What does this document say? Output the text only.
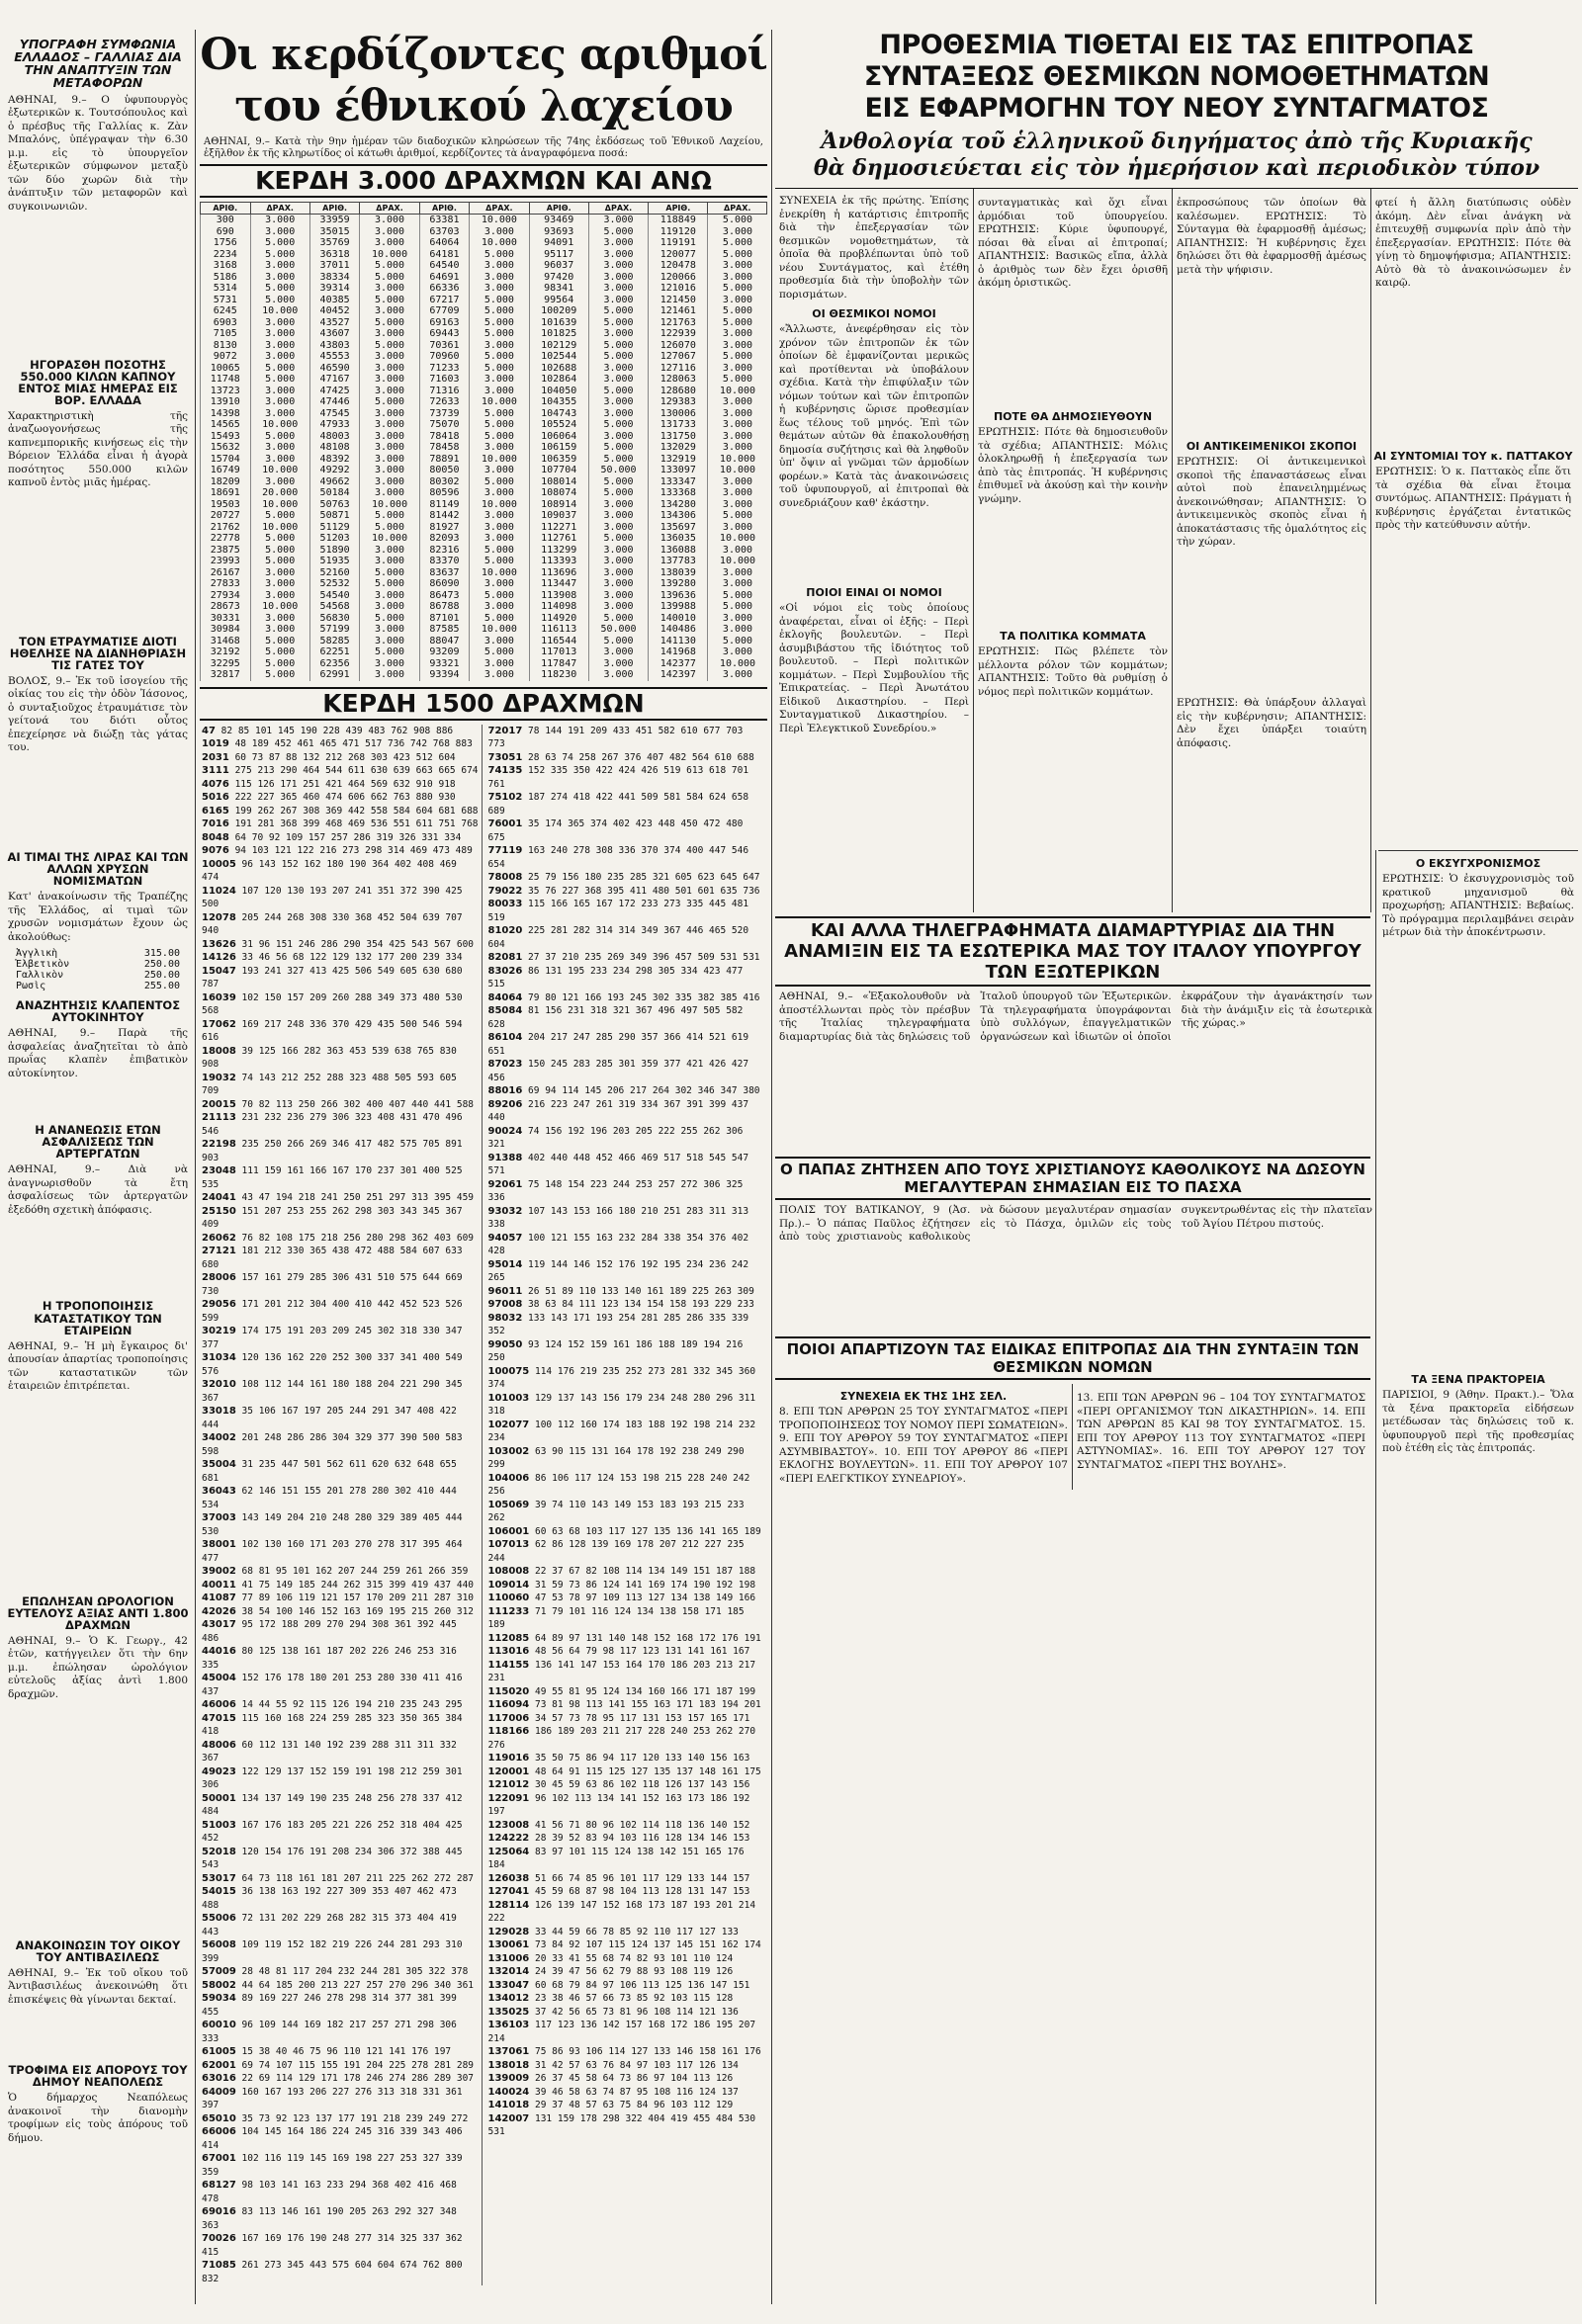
ΥΠΟΓΡΑΦΗ ΣΥΜΦΩΝΙΑ ΕΛΛΑΔΟΣ – ΓΑΛΛΙΑΣ ΔΙΑ ΤΗΝ ΑΝΑΠΤΥΞΙΝ ΤΩΝ ΜΕΤΑΦΟΡΩΝ

ΑΘΗΝΑΙ, 9.– Ο ὑφυπουργὸς ἐξωτερικῶν κ. Τουτσόπουλος καὶ ὁ πρέσβυς τῆς Γαλλίας κ. Ζὰν Μπαλόνς, ὑπέγραψαν τὴν 6.30 μ.μ. εἰς τὸ ὑπουργεῖον ἐξωτερικῶν σύμφωνον μεταξὺ τῶν δύο χωρῶν διὰ τὴν ἀνάπτυξιν τῶν μεταφορῶν καὶ συγκοινωνιῶν.

ΗΓΟΡΑΣΘΗ ΠΟΣΟΤΗΣ 550.000 ΚΙΛΩΝ ΚΑΠΝΟΥ ΕΝΤΟΣ ΜΙΑΣ ΗΜΕΡΑΣ ΕΙΣ ΒΟΡ. ΕΛΛΑΔΑ

Χαρακτηριστικὴ τῆς ἀναζωογονήσεως τῆς καπνεμπορικῆς κινήσεως εἰς τὴν Βόρειον Ἑλλάδα εἶναι ἡ ἀγορὰ ποσότητος 550.000 κιλῶν καπνοῦ ἐντὸς μιᾶς ἡμέρας.

ΤΟΝ ΕΤΡΑΥΜΑΤΙΣΕ ΔΙΟΤΙ ΗΘΕΛΗΣΕ ΝΑ ΔΙΑΝΗΘΡΙΑΣΗ ΤΙΣ ΓΑΤΕΣ ΤΟΥ

ΒΟΛΟΣ, 9.– Ἐκ τοῦ ἰσογείου τῆς οἰκίας του εἰς τὴν ὁδὸν Ἰάσονος, ὁ συνταξιοῦχος ἐτραυμάτισε τὸν γείτονά του διότι οὗτος ἐπεχείρησε νὰ διώξῃ τὰς γάτας του.

ΑΙ ΤΙΜΑΙ ΤΗΣ ΛΙΡΑΣ ΚΑΙ ΤΩΝ ΑΛΛΩΝ ΧΡΥΣΩΝ ΝΟΜΙΣΜΑΤΩΝ

Κατ' ἀνακοίνωσιν τῆς Τραπέζης τῆς Ἑλλάδος, αἱ τιμαὶ τῶν χρυσῶν νομισμάτων ἔχουν ὡς ἀκολούθως:

Ἀγγλικὴ	315.00
Ἑλβετικὸν	250.00
Γαλλικὸν	250.00
Ρωσὶς	255.00
ΑΝΑΖΗΤΗΣΙΣ ΚΛΑΠΕΝΤΟΣ ΑΥΤΟΚΙΝΗΤΟΥ

ΑΘΗΝΑΙ, 9.– Παρὰ τῆς ἀσφαλείας ἀναζητεῖται τὸ ἀπὸ πρωΐας κλαπὲν ἐπιβατικὸν αὐτοκίνητον.

Η ΑΝΑΝΕΩΣΙΣ ΕΤΩΝ ΑΣΦΑΛΙΣΕΩΣ ΤΩΝ ΑΡΤΕΡΓΑΤΩΝ

ΑΘΗΝΑΙ, 9.– Διὰ νὰ ἀναγνωρισθοῦν τὰ ἔτη ἀσφαλίσεως τῶν ἀρτεργατῶν ἐξεδόθη σχετικὴ ἀπόφασις.

Η ΤΡΟΠΟΠΟΙΗΣΙΣ ΚΑΤΑΣΤΑΤΙΚΟΥ ΤΩΝ ΕΤΑΙΡΕΙΩΝ

ΑΘΗΝΑΙ, 9.– Ἡ μὴ ἔγκαιρος δι' ἀπουσίαν ἀπαρτίας τροποποίησις τῶν καταστατικῶν τῶν ἑταιρειῶν ἐπιτρέπεται.

ΕΠΩΛΗΣΑΝ ΩΡΟΛΟΓΙΟΝ ΕΥΤΕΛΟΥΣ ΑΞΙΑΣ ΑΝΤΙ 1.800 ΔΡΑΧΜΩΝ

ΑΘΗΝΑΙ, 9.– Ὁ Κ. Γεωργ., 42 ἐτῶν, κατήγγειλεν ὅτι τὴν 6ην μ.μ. ἐπώλησαν ὡρολόγιον εὐτελοῦς ἀξίας ἀντὶ 1.800 δραχμῶν.

ΑΝΑΚΟΙΝΩΣΙΝ ΤΟΥ ΟΙΚΟΥ ΤΟΥ ΑΝΤΙΒΑΣΙΛΕΩΣ

ΑΘΗΝΑΙ, 9.– Ἐκ τοῦ οἴκου τοῦ Ἀντιβασιλέως ἀνεκοινώθη ὅτι ἐπισκέψεις θὰ γίνωνται δεκταί.

ΤΡΟΦΙΜΑ ΕΙΣ ΑΠΟΡΟΥΣ ΤΟΥ ΔΗΜΟΥ ΝΕΑΠΟΛΕΩΣ

Ὁ δήμαρχος Νεαπόλεως ἀνακοινοῖ τὴν διανομὴν τροφίμων εἰς τοὺς ἀπόρους τοῦ δήμου.

Οι κερδίζοντες αριθμοί του έθνικού λαχείου

ΑΘΗΝΑΙ, 9.– Κατὰ τὴν 9ην ἡμέραν τῶν διαδοχικῶν κληρώσεων τῆς 74ης ἐκδόσεως τοῦ Ἐθνικοῦ Λαχείου, ἐξῆλθον ἐκ τῆς κληρωτίδος οἱ κάτωθι ἀριθμοί, κερδίζοντες τὰ ἀναγραφόμενα ποσά:

ΚΕΡΔΗ 3.000 ΔΡΑΧΜΩΝ ΚΑΙ ΑΝΩ
ΑΡΙΘ.	ΔΡΑΧ.	ΑΡΙΘ.	ΔΡΑΧ.	ΑΡΙΘ.	ΔΡΑΧ.	ΑΡΙΘ.	ΔΡΑΧ.	ΑΡΙΘ.	ΔΡΑΧ.
300	3.000	33959	3.000	63381	10.000	93469	3.000	118849	5.000
690	3.000	35015	3.000	63703	3.000	93693	5.000	119120	3.000
1756	5.000	35769	3.000	64064	10.000	94091	3.000	119191	5.000
2234	5.000	36318	10.000	64181	5.000	95117	3.000	120077	5.000
3168	3.000	37011	5.000	64540	3.000	96037	3.000	120478	3.000
5186	3.000	38334	5.000	64691	3.000	97420	3.000	120066	3.000
5314	5.000	39314	3.000	66336	3.000	98341	3.000	121016	5.000
5731	5.000	40385	5.000	67217	5.000	99564	3.000	121450	3.000
6245	10.000	40452	3.000	67709	5.000	100209	5.000	121461	5.000
6903	3.000	43527	5.000	69163	5.000	101639	5.000	121763	5.000
7105	3.000	43607	3.000	69443	5.000	101825	3.000	122939	3.000
8130	3.000	43803	5.000	70361	3.000	102129	5.000	126070	3.000
9072	3.000	45553	3.000	70960	5.000	102544	5.000	127067	5.000
10065	5.000	46590	3.000	71233	5.000	102688	3.000	127116	3.000
11748	5.000	47167	3.000	71603	3.000	102864	3.000	128063	5.000
13723	3.000	47425	3.000	71316	3.000	104050	5.000	128680	10.000
13910	3.000	47446	5.000	72633	10.000	104355	3.000	129383	3.000
14398	3.000	47545	3.000	73739	5.000	104743	3.000	130006	3.000
14565	10.000	47933	3.000	75070	5.000	105524	5.000	131733	3.000
15493	5.000	48003	3.000	78418	5.000	106064	3.000	131750	3.000
15632	3.000	48108	3.000	78458	3.000	106159	5.000	132029	3.000
15704	3.000	48392	3.000	78891	10.000	106359	5.000	132919	10.000
16749	10.000	49292	3.000	80050	3.000	107704	50.000	133097	10.000
18209	3.000	49662	3.000	80302	5.000	108014	5.000	133347	3.000
18691	20.000	50184	3.000	80596	3.000	108074	5.000	133368	3.000
19503	10.000	50763	10.000	81149	10.000	108914	3.000	134280	3.000
20727	5.000	50871	5.000	81442	3.000	109037	3.000	134306	5.000
21762	10.000	51129	5.000	81927	3.000	112271	3.000	135697	3.000
22778	5.000	51203	10.000	82093	3.000	112761	5.000	136035	10.000
23875	5.000	51890	3.000	82316	5.000	113299	3.000	136088	3.000
23993	5.000	51935	3.000	83370	5.000	113393	3.000	137783	10.000
26167	3.000	52160	5.000	83637	10.000	113696	3.000	138039	3.000
27833	3.000	52532	5.000	86090	3.000	113447	3.000	139280	3.000
27934	3.000	54540	3.000	86473	5.000	113908	3.000	139636	5.000
28673	10.000	54568	3.000	86788	3.000	114098	3.000	139988	5.000
30331	3.000	56830	5.000	87101	5.000	114920	5.000	140010	3.000
30984	3.000	57199	3.000	87585	10.000	116113	50.000	140486	3.000
31468	5.000	58285	3.000	88047	3.000	116544	5.000	141130	5.000
32192	5.000	62251	5.000	93209	5.000	117013	3.000	141968	3.000
32295	5.000	62356	3.000	93321	3.000	117847	3.000	142377	10.000
32817	5.000	62991	3.000	93394	3.000	118230	3.000	142397	3.000
ΚΕΡΔΗ 1500 ΔΡΑΧΜΩΝ
47 82 85 101 145 190 228 439 483 762 908 886
1019 48 189 452 461 465 471 517 736 742 768 883
2031 60 73 87 88 132 212 268 303 423 512 604
3111 275 213 290 464 544 611 630 639 663 665 674
4076 115 126 171 251 421 464 569 632 910 918
5016 222 227 365 460 474 606 662 763 880 930
6165 199 262 267 308 369 442 558 584 604 681 688
7016 191 281 368 399 468 469 536 551 611 751 768
8048 64 70 92 109 157 257 286 319 326 331 334
9076 94 103 121 122 216 273 298 314 469 473 489
10005 96 143 152 162 180 190 364 402 408 469 474
11024 107 120 130 193 207 241 351 372 390 425 500
12078 205 244 268 308 330 368 452 504 639 707 940
13626 31 96 151 246 286 290 354 425 543 567 600
14126 33 46 56 68 122 129 132 177 200 239 334
15047 193 241 327 413 425 506 549 605 630 680 787
16039 102 150 157 209 260 288 349 373 480 530 568
17062 169 217 248 336 370 429 435 500 546 594 616
18008 39 125 166 282 363 453 539 638 765 830 908
19032 74 143 212 252 288 323 488 505 593 605 709
20015 70 82 113 250 266 302 400 407 440 441 588
21113 231 232 236 279 306 323 408 431 470 496 546
22198 235 250 266 269 346 417 482 575 705 891 903
23048 111 159 161 166 167 170 237 301 400 525 535
24041 43 47 194 218 241 250 251 297 313 395 459
25150 151 207 253 255 262 298 303 343 345 367 409
26062 76 82 108 175 218 256 280 298 362 403 609
27121 181 212 330 365 438 472 488 584 607 633 680
28006 157 161 279 285 306 431 510 575 644 669 730
29056 171 201 212 304 400 410 442 452 523 526 599
30219 174 175 191 203 209 245 302 318 330 347 377
31034 120 136 162 220 252 300 337 341 400 549 576
32010 108 112 144 161 180 188 204 221 290 345 367
33018 35 106 167 197 205 244 291 347 408 422 444
34002 201 248 286 286 304 329 377 390 500 583 598
35004 31 235 447 501 562 611 620 632 648 655 681
36043 62 146 151 155 201 278 280 302 410 444 534
37003 143 149 204 210 248 280 329 389 405 444 530
38001 102 130 160 171 203 270 278 317 395 464 477
39002 68 81 95 101 162 207 244 259 261 266 359
40011 41 75 149 185 244 262 315 399 419 437 440
41087 77 89 106 119 121 157 170 209 211 287 310
42026 38 54 100 146 152 163 169 195 215 260 312
43017 95 172 188 209 270 294 308 361 392 445 486
44016 80 125 138 161 187 202 226 246 253 316 335
45004 152 176 178 180 201 253 280 330 411 416 437
46006 14 44 55 92 115 126 194 210 235 243 295
47015 115 160 168 224 259 285 323 350 365 384 418
48006 60 112 131 140 192 239 288 311 311 332 367
49023 122 129 137 152 159 191 198 212 259 301 306
50001 134 137 149 190 235 248 256 278 337 412 484
51003 167 176 183 205 221 226 252 318 404 425 452
52018 120 154 176 191 208 234 306 372 388 445 543
53017 64 73 118 161 181 207 211 225 262 272 287
54015 36 138 163 192 227 309 353 407 462 473 488
55006 72 131 202 229 268 282 315 373 404 419 443
56008 109 119 152 182 219 226 244 281 293 310 399
57009 28 48 81 117 204 232 244 281 305 322 378
58002 44 64 185 200 213 227 257 270 296 340 361
59034 89 169 227 246 278 298 314 377 381 399 455
60010 96 109 144 169 182 217 257 271 298 306 333
61005 15 38 40 46 75 96 110 121 141 176 197
62001 69 74 107 115 155 191 204 225 278 281 289
63016 22 69 114 129 171 178 246 274 286 289 307
64009 160 167 193 206 227 276 313 318 331 361 397
65010 35 73 92 123 137 177 191 218 239 249 272
66006 104 145 164 186 224 245 316 339 343 406 414
67001 102 116 119 145 169 198 227 253 327 339 359
68127 98 103 141 163 233 294 368 402 416 468 478
69016 83 113 146 161 190 205 263 292 327 348 363
70026 167 169 176 190 248 277 314 325 337 362 415
71085 261 273 345 443 575 604 604 674 762 800 832
72017 78 144 191 209 433 451 582 610 677 703 773
73051 28 63 74 258 267 376 407 482 564 610 688
74135 152 335 350 422 424 426 519 613 618 701 761
75102 187 274 418 422 441 509 581 584 624 658 689
76001 35 174 365 374 402 423 448 450 472 480 675
77119 163 240 278 308 336 370 374 400 447 546 654
78008 25 79 156 180 235 285 321 605 623 645 647
79022 35 76 227 368 395 411 480 501 601 635 736
80033 115 166 165 167 172 233 273 335 445 481 519
81020 225 281 282 314 314 349 367 446 465 520 604
82081 27 37 210 235 269 349 396 457 509 531 531
83026 86 131 195 233 234 298 305 334 423 477 515
84064 79 80 121 166 193 245 302 335 382 385 416
85084 81 156 231 318 321 367 496 497 505 582 628
86104 204 217 247 285 290 357 366 414 521 619 651
87023 150 245 283 285 301 359 377 421 426 427 456
88016 69 94 114 145 206 217 264 302 346 347 380
89206 216 223 247 261 319 334 367 391 399 437 440
90024 74 156 192 196 203 205 222 255 262 306 321
91388 402 440 448 452 466 469 517 518 545 547 571
92061 75 148 154 223 244 253 257 272 306 325 336
93032 107 143 153 166 180 210 251 283 311 313 338
94057 100 121 155 163 232 284 338 354 376 402 428
95014 119 144 146 152 176 192 195 234 236 242 265
96011 26 51 89 110 133 140 161 189 225 263 309
97008 38 63 84 111 123 134 154 158 193 229 233
98032 133 143 171 193 254 281 285 286 335 339 352
99050 93 124 152 159 161 186 188 189 194 216 250
100075 114 176 219 235 252 273 281 332 345 360 374
101003 129 137 143 156 179 234 248 280 296 311 318
102077 100 112 160 174 183 188 192 198 214 232 234
103002 63 90 115 131 164 178 192 238 249 290 299
104006 86 106 117 124 153 198 215 228 240 242 256
105069 39 74 110 143 149 153 183 193 215 233 262
106001 60 63 68 103 117 127 135 136 141 165 189
107013 62 86 128 139 169 178 207 212 227 235 244
108008 22 37 67 82 108 114 134 149 151 187 188
109014 31 59 73 86 124 141 169 174 190 192 198
110060 47 53 78 97 109 113 127 134 138 149 166
111233 71 79 101 116 124 134 138 158 171 185 189
112085 64 89 97 131 140 148 152 168 172 176 191
113016 48 56 64 79 98 117 123 131 141 161 167
114155 136 141 147 153 164 170 186 203 213 217 231
115020 49 55 81 95 124 134 160 166 171 187 199
116094 73 81 98 113 141 155 163 171 183 194 201
117006 34 57 73 78 95 117 131 153 157 165 171
118166 186 189 203 211 217 228 240 253 262 270 276
119016 35 50 75 86 94 117 120 133 140 156 163
120001 48 64 91 115 125 127 135 137 148 161 175
121012 30 45 59 63 86 102 118 126 137 143 156
122091 96 102 113 134 141 152 163 173 186 192 197
123008 41 56 71 80 96 102 114 118 136 140 152
124222 28 39 52 83 94 103 116 128 134 146 153
125064 83 97 101 115 124 138 142 151 165 176 184
126038 51 66 74 85 96 101 117 129 133 144 157
127041 45 59 68 87 98 104 113 128 131 147 153
128114 126 139 147 152 168 173 187 193 201 214 222
129028 33 44 59 66 78 85 92 110 117 127 133
130061 73 84 92 107 115 124 137 145 151 162 174
131006 20 33 41 55 68 74 82 93 101 110 124
132014 24 39 47 56 62 79 88 93 108 119 126
133047 60 68 79 84 97 106 113 125 136 147 151
134012 23 38 46 57 66 73 85 92 103 115 128
135025 37 42 56 65 73 81 96 108 114 121 136
136103 117 123 136 142 157 168 172 186 195 207 214
137061 75 86 93 106 114 127 133 146 158 161 176
138018 31 42 57 63 76 84 97 103 117 126 134
139009 26 37 45 58 64 73 86 97 104 113 126
140024 39 46 58 63 74 87 95 108 116 124 137
141018 29 37 48 57 63 75 84 96 103 112 129
142007 131 159 178 298 322 404 419 455 484 530 531
ΠΡΟΘΕΣΜΙΑ ΤΙΘΕΤΑΙ ΕΙΣ ΤΑΣ ΕΠΙΤΡΟΠΑΣ
ΣΥΝΤΑΞΕΩΣ ΘΕΣΜΙΚΩΝ ΝΟΜΟΘΕΤΗΜΑΤΩΝ
ΕΙΣ ΕΦΑΡΜΟΓΗΝ ΤΟΥ ΝΕΟΥ ΣΥΝΤΑΓΜΑΤΟΣ
Ἀνθολογία τοῦ ἑλληνικοῦ διηγήματος ἀπὸ τῆς Κυριακῆς
θὰ δημοσιεύεται εἰς τὸν ἡμερήσιον καὶ περιοδικὸν τύπον

ΣΥΝΕΧΕΙΑ ἐκ τῆς πρώτης. Ἐπίσης ἐνεκρίθη ἡ κατάρτισις ἐπιτροπῆς διὰ τὴν ἐπεξεργασίαν τῶν θεσμικῶν νομοθετημάτων, τὰ ὁποῖα θὰ προβλέπωνται ὑπὸ τοῦ νέου Συντάγματος, καὶ ἐτέθη προθεσμία διὰ τὴν ὑποβολὴν τῶν πορισμάτων.

ΟΙ ΘΕΣΜΙΚΟΙ ΝΟΜΟΙ

«Ἄλλωστε, ἀνεφέρθησαν εἰς τὸν χρόνον τῶν ἐπιτροπῶν ἐκ τῶν ὁποίων δὲ ἐμφανίζονται μερικῶς καὶ προτίθενται νὰ ὑποβάλουν σχέδια. Κατὰ τὴν ἐπιφύλαξιν τῶν νόμων τούτων καὶ τῶν ἐπιτροπῶν ἡ κυβέρνησις ὥρισε προθεσμίαν ἕως τέλους τοῦ μηνός. Ἐπὶ τῶν θεμάτων αὐτῶν θὰ ἐπακολουθήσῃ δημοσία συζήτησις καὶ θὰ ληφθοῦν ὑπ' ὄψιν αἱ γνῶμαι τῶν ἁρμοδίων φορέων.» Κατὰ τὰς ἀνακοινώσεις τοῦ ὑφυπουργοῦ, αἱ ἐπιτροπαὶ θὰ συνεδριάζουν καθ' ἑκάστην.

ΠΟΙΟΙ ΕΙΝΑΙ ΟΙ ΝΟΜΟΙ

«Οἱ νόμοι εἰς τοὺς ὁποίους ἀναφέρεται, εἶναι οἱ ἑξῆς: – Περὶ ἐκλογῆς βουλευτῶν. – Περὶ ἀσυμβιβάστου τῆς ἰδιότητος τοῦ βουλευτοῦ. – Περὶ πολιτικῶν κομμάτων. – Περὶ Συμβουλίου τῆς Ἐπικρατείας. – Περὶ Ἀνωτάτου Εἰδικοῦ Δικαστηρίου. – Περὶ Συνταγματικοῦ Δικαστηρίου. – Περὶ Ἐλεγκτικοῦ Συνεδρίου.»

συνταγματικὰς καὶ ὅχι εἶναι ἀρμόδιαι τοῦ ὑπουργείου. ΕΡΩΤΗΣΙΣ: Κύριε ὑφυπουργέ, πόσαι θὰ εἶναι αἱ ἐπιτροπαί; ΑΠΑΝΤΗΣΙΣ: Βασικῶς εἴπα, ἀλλὰ ὁ ἀριθμὸς των δὲν ἔχει ὁρισθῆ ἀκόμη ὁριστικῶς.

ΠΟΤΕ ΘΑ ΔΗΜΟΣΙΕΥΘΟΥΝ

ΕΡΩΤΗΣΙΣ: Πότε θὰ δημοσιευθοῦν τὰ σχέδια; ΑΠΑΝΤΗΣΙΣ: Μόλις ὁλοκληρωθῇ ἡ ἐπεξεργασία των ἀπὸ τὰς ἐπιτροπάς. Ἡ κυβέρνησις ἐπιθυμεῖ νὰ ἀκούσῃ καὶ τὴν κοινὴν γνώμην.

ΤΑ ΠΟΛΙΤΙΚΑ ΚΟΜΜΑΤΑ

ΕΡΩΤΗΣΙΣ: Πῶς βλέπετε τὸν μέλλοντα ρόλον τῶν κομμάτων; ΑΠΑΝΤΗΣΙΣ: Τοῦτο θὰ ρυθμίσῃ ὁ νόμος περὶ πολιτικῶν κομμάτων.

ἐκπροσώπους τῶν ὁποίων θὰ καλέσωμεν. ΕΡΩΤΗΣΙΣ: Τὸ Σύνταγμα θὰ ἐφαρμοσθῇ ἀμέσως; ΑΠΑΝΤΗΣΙΣ: Ἡ κυβέρνησις ἔχει δηλώσει ὅτι θὰ ἐφαρμοσθῇ ἀμέσως μετὰ τὴν ψήφισιν.

ΟΙ ΑΝΤΙΚΕΙΜΕΝΙΚΟΙ ΣΚΟΠΟΙ

ΕΡΩΤΗΣΙΣ: Οἱ ἀντικειμενικοὶ σκοποὶ τῆς ἐπαναστάσεως εἶναι αὐτοὶ ποὺ ἐπανειλημμένως ἀνεκοινώθησαν; ΑΠΑΝΤΗΣΙΣ: Ὁ ἀντικειμενικὸς σκοπὸς εἶναι ἡ ἀποκατάστασις τῆς ὁμαλότητος εἰς τὴν χώραν.

ΕΡΩΤΗΣΙΣ: Θὰ ὑπάρξουν ἀλλαγαὶ εἰς τὴν κυβέρνησιν; ΑΠΑΝΤΗΣΙΣ: Δὲν ἔχει ὑπάρξει τοιαύτη ἀπόφασις.

φτεί ἡ ἄλλη διατύπωσις οὐδὲν ἀκόμη. Δὲν εἶναι ἀνάγκη νὰ ἐπιτευχθῇ συμφωνία πρὶν ἀπὸ τὴν ἐπεξεργασίαν. ΕΡΩΤΗΣΙΣ: Πότε θὰ γίνῃ τὸ δημοψήφισμα; ΑΠΑΝΤΗΣΙΣ: Αὐτὸ θὰ τὸ ἀνακοινώσωμεν ἐν καιρῷ.

ΑΙ ΣΥΝΤΟΜΙΑΙ ΤΟΥ κ. ΠΑΤΤΑΚΟΥ

ΕΡΩΤΗΣΙΣ: Ὁ κ. Παττακὸς εἶπε ὅτι τὰ σχέδια θὰ εἶναι ἕτοιμα συντόμως. ΑΠΑΝΤΗΣΙΣ: Πράγματι ἡ κυβέρνησις ἐργάζεται ἐντατικῶς πρὸς τὴν κατεύθυνσιν αὐτήν.

ΚΑΙ ΑΛΛΑ ΤΗΛΕΓΡΑΦΗΜΑΤΑ ΔΙΑΜΑΡΤΥΡΙΑΣ ΔΙΑ ΤΗΝ ΑΝΑΜΙΞΙΝ ΕΙΣ ΤΑ ΕΣΩΤΕΡΙΚΑ ΜΑΣ ΤΟΥ ΙΤΑΛΟΥ ΥΠΟΥΡΓΟΥ ΤΩΝ ΕΞΩΤΕΡΙΚΩΝ

ΑΘΗΝΑΙ, 9.– «Ἐξακολουθοῦν νὰ ἀποστέλλωνται πρὸς τὸν πρέσβυν τῆς Ἰταλίας τηλεγραφήματα διαμαρτυρίας διὰ τὰς δηλώσεις τοῦ Ἰταλοῦ ὑπουργοῦ τῶν Ἐξωτερικῶν. Τὰ τηλεγραφήματα ὑπογράφονται ὑπὸ συλλόγων, ἐπαγγελματικῶν ὀργανώσεων καὶ ἰδιωτῶν οἱ ὁποῖοι ἐκφράζουν τὴν ἀγανάκτησίν των διὰ τὴν ἀνάμιξιν εἰς τὰ ἐσωτερικὰ τῆς χώρας.»

Ο ΠΑΠΑΣ ΖΗΤΗΣΕΝ ΑΠΟ ΤΟΥΣ ΧΡΙΣΤΙΑΝΟΥΣ ΚΑΘΟΛΙΚΟΥΣ ΝΑ ΔΩΣΟΥΝ ΜΕΓΑΛΥΤΕΡΑΝ ΣΗΜΑΣΙΑΝ ΕΙΣ ΤΟ ΠΑΣΧΑ

ΠΟΛΙΣ ΤΟΥ ΒΑΤΙΚΑΝΟΥ, 9 (Ἀσ. Πρ.).– Ὁ πάπας Παῦλος ἐζήτησεν ἀπὸ τοὺς χριστιανοὺς καθολικοὺς νὰ δώσουν μεγαλυτέραν σημασίαν εἰς τὸ Πάσχα, ὁμιλῶν εἰς τοὺς συγκεντρωθέντας εἰς τὴν πλατεῖαν τοῦ Ἁγίου Πέτρου πιστούς.

ΠΟΙΟΙ ΑΠΑΡΤΙΖΟΥΝ ΤΑΣ ΕΙΔΙΚΑΣ ΕΠΙΤΡΟΠΑΣ ΔΙΑ ΤΗΝ ΣΥΝΤΑΞΙΝ ΤΩΝ ΘΕΣΜΙΚΩΝ ΝΟΜΩΝ
ΣΥΝΕΧΕΙΑ ΕΚ ΤΗΣ 1ΗΣ ΣΕΛ.

8. ΕΠΙ ΤΩΝ ΑΡΘΡΩΝ 25 ΤΟΥ ΣΥΝΤΑΓΜΑΤΟΣ «ΠΕΡΙ ΤΡΟΠΟΠΟΙΗΣΕΩΣ ΤΟΥ ΝΟΜΟΥ ΠΕΡΙ ΣΩΜΑΤΕΙΩΝ». 9. ΕΠΙ ΤΟΥ ΑΡΘΡΟΥ 59 ΤΟΥ ΣΥΝΤΑΓΜΑΤΟΣ «ΠΕΡΙ ΑΣΥΜΒΙΒΑΣΤΟΥ». 10. ΕΠΙ ΤΟΥ ΑΡΘΡΟΥ 86 «ΠΕΡΙ ΕΚΛΟΓΗΣ ΒΟΥΛΕΥΤΩΝ». 11. ΕΠΙ ΤΟΥ ΑΡΘΡΟΥ 107 «ΠΕΡΙ ΕΛΕΓΚΤΙΚΟΥ ΣΥΝΕΔΡΙΟΥ».

13. ΕΠΙ ΤΩΝ ΑΡΘΡΩΝ 96 – 104 ΤΟΥ ΣΥΝΤΑΓΜΑΤΟΣ «ΠΕΡΙ ΟΡΓΑΝΙΣΜΟΥ ΤΩΝ ΔΙΚΑΣΤΗΡΙΩΝ». 14. ΕΠΙ ΤΩΝ ΑΡΘΡΩΝ 85 ΚΑΙ 98 ΤΟΥ ΣΥΝΤΑΓΜΑΤΟΣ. 15. ΕΠΙ ΤΟΥ ΑΡΘΡΟΥ 113 ΤΟΥ ΣΥΝΤΑΓΜΑΤΟΣ «ΠΕΡΙ ΑΣΤΥΝΟΜΙΑΣ». 16. ΕΠΙ ΤΟΥ ΑΡΘΡΟΥ 127 ΤΟΥ ΣΥΝΤΑΓΜΑΤΟΣ «ΠΕΡΙ ΤΗΣ ΒΟΥΛΗΣ».

Ο ΕΚΣΥΓΧΡΟΝΙΣΜΟΣ

ΕΡΩΤΗΣΙΣ: Ὁ ἐκσυγχρονισμὸς τοῦ κρατικοῦ μηχανισμοῦ θὰ προχωρήσῃ; ΑΠΑΝΤΗΣΙΣ: Βεβαίως. Τὸ πρόγραμμα περιλαμβάνει σειρὰν μέτρων διὰ τὴν ἀποκέντρωσιν.

ΤΑ ΞΕΝΑ ΠΡΑΚΤΟΡΕΙΑ

ΠΑΡΙΣΙΟΙ, 9 (Ἀθην. Πρακτ.).– Ὅλα τὰ ξένα πρακτορεῖα εἰδήσεων μετέδωσαν τὰς δηλώσεις τοῦ κ. ὑφυπουργοῦ περὶ τῆς προθεσμίας ποὺ ἐτέθη εἰς τὰς ἐπιτροπάς.
